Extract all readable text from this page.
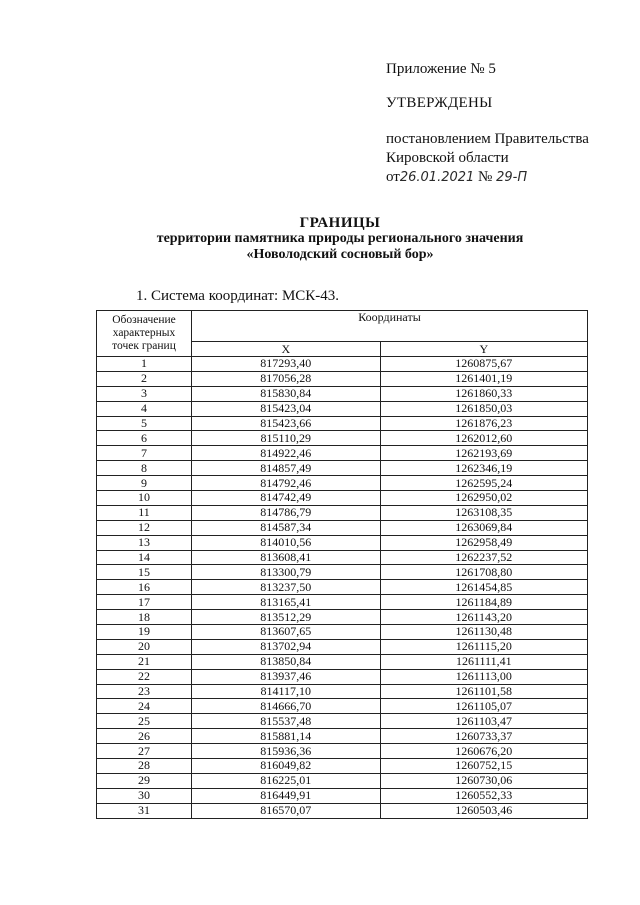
Приложение № 5
УТВЕРЖДЕНЫ
постановлением Правительства
Кировской области
от26.01.2021 № 29-П
ГРАНИЦЫ
территории памятника природы регионального значения
«Новолодский сосновый бор»
1. Система координат: МСК-43.
Обозначение характерных точек границ	Координаты	
	X	Y
1	817293,40	1260875,67
2	817056,28	1261401,19
3	815830,84	1261860,33
4	815423,04	1261850,03
5	815423,66	1261876,23
6	815110,29	1262012,60
7	814922,46	1262193,69
8	814857,49	1262346,19
9	814792,46	1262595,24
10	814742,49	1262950,02
11	814786,79	1263108,35
12	814587,34	1263069,84
13	814010,56	1262958,49
14	813608,41	1262237,52
15	813300,79	1261708,80
16	813237,50	1261454,85
17	813165,41	1261184,89
18	813512,29	1261143,20
19	813607,65	1261130,48
20	813702,94	1261115,20
21	813850,84	1261111,41
22	813937,46	1261113,00
23	814117,10	1261101,58
24	814666,70	1261105,07
25	815537,48	1261103,47
26	815881,14	1260733,37
27	815936,36	1260676,20
28	816049,82	1260752,15
29	816225,01	1260730,06
30	816449,91	1260552,33
31	816570,07	1260503,46
